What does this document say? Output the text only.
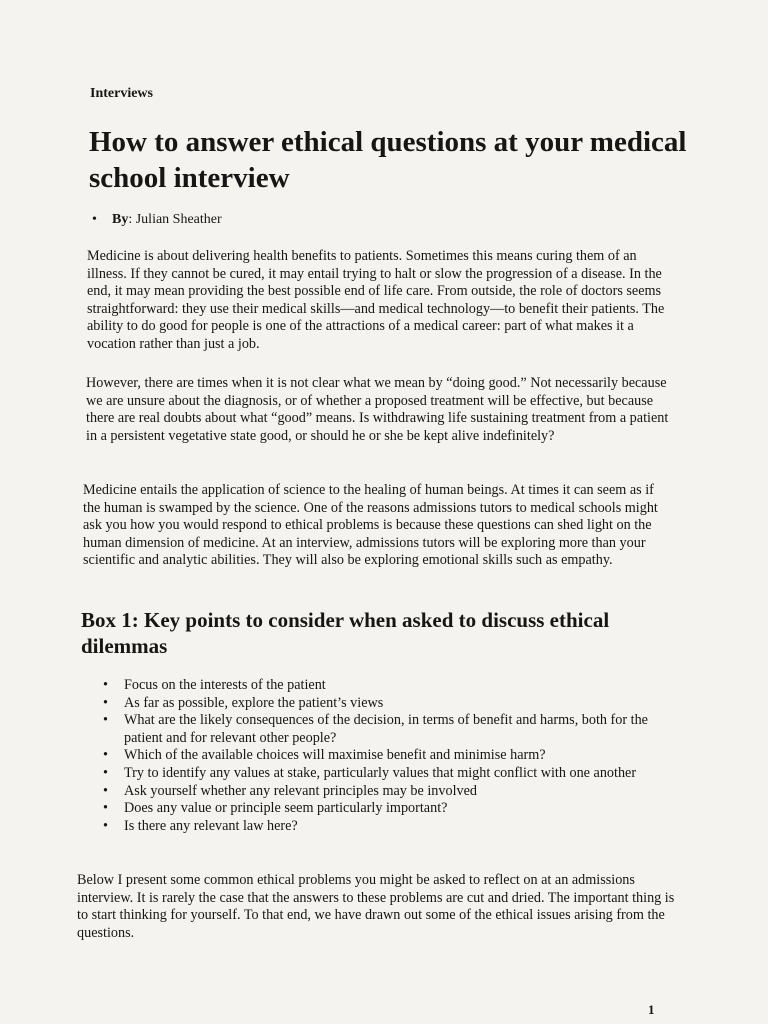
Interviews
How to answer ethical questions at your medical school interview
• By: Julian Sheather

Medicine is about delivering health benefits to patients. Sometimes this means curing them of an illness. If they cannot be cured, it may entail trying to halt or slow the progression of a disease. In the end, it may mean providing the best possible end of life care. From outside, the role of doctors seems straightforward: they use their medical skills—and medical technology—to benefit their patients. The ability to do good for people is one of the attractions of a medical career: part of what makes it a vocation rather than just a job.

However, there are times when it is not clear what we mean by “doing good.” Not necessarily because we are unsure about the diagnosis, or of whether a proposed treatment will be effective, but because there are real doubts about what “good” means. Is withdrawing life sustaining treatment from a patient in a persistent vegetative state good, or should he or she be kept alive indefinitely?

Medicine entails the application of science to the healing of human beings. At times it can seem as if the human is swamped by the science. One of the reasons admissions tutors to medical schools might ask you how you would respond to ethical problems is because these questions can shed light on the human dimension of medicine. At an interview, admissions tutors will be exploring more than your scientific and analytic abilities. They will also be exploring emotional skills such as empathy.

Box 1: Key points to consider when asked to discuss ethical dilemmas
• Focus on the interests of the patient
• As far as possible, explore the patient’s views
• What are the likely consequences of the decision, in terms of benefit and harms, both for the patient and for relevant other people?
• Which of the available choices will maximise benefit and minimise harm?
• Try to identify any values at stake, particularly values that might conflict with one another
• Ask yourself whether any relevant principles may be involved
• Does any value or principle seem particularly important?
• Is there any relevant law here?

Below I present some common ethical problems you might be asked to reflect on at an admissions interview. It is rarely the case that the answers to these problems are cut and dried. The important thing is to start thinking for yourself. To that end, we have drawn out some of the ethical issues arising from the questions.

1
